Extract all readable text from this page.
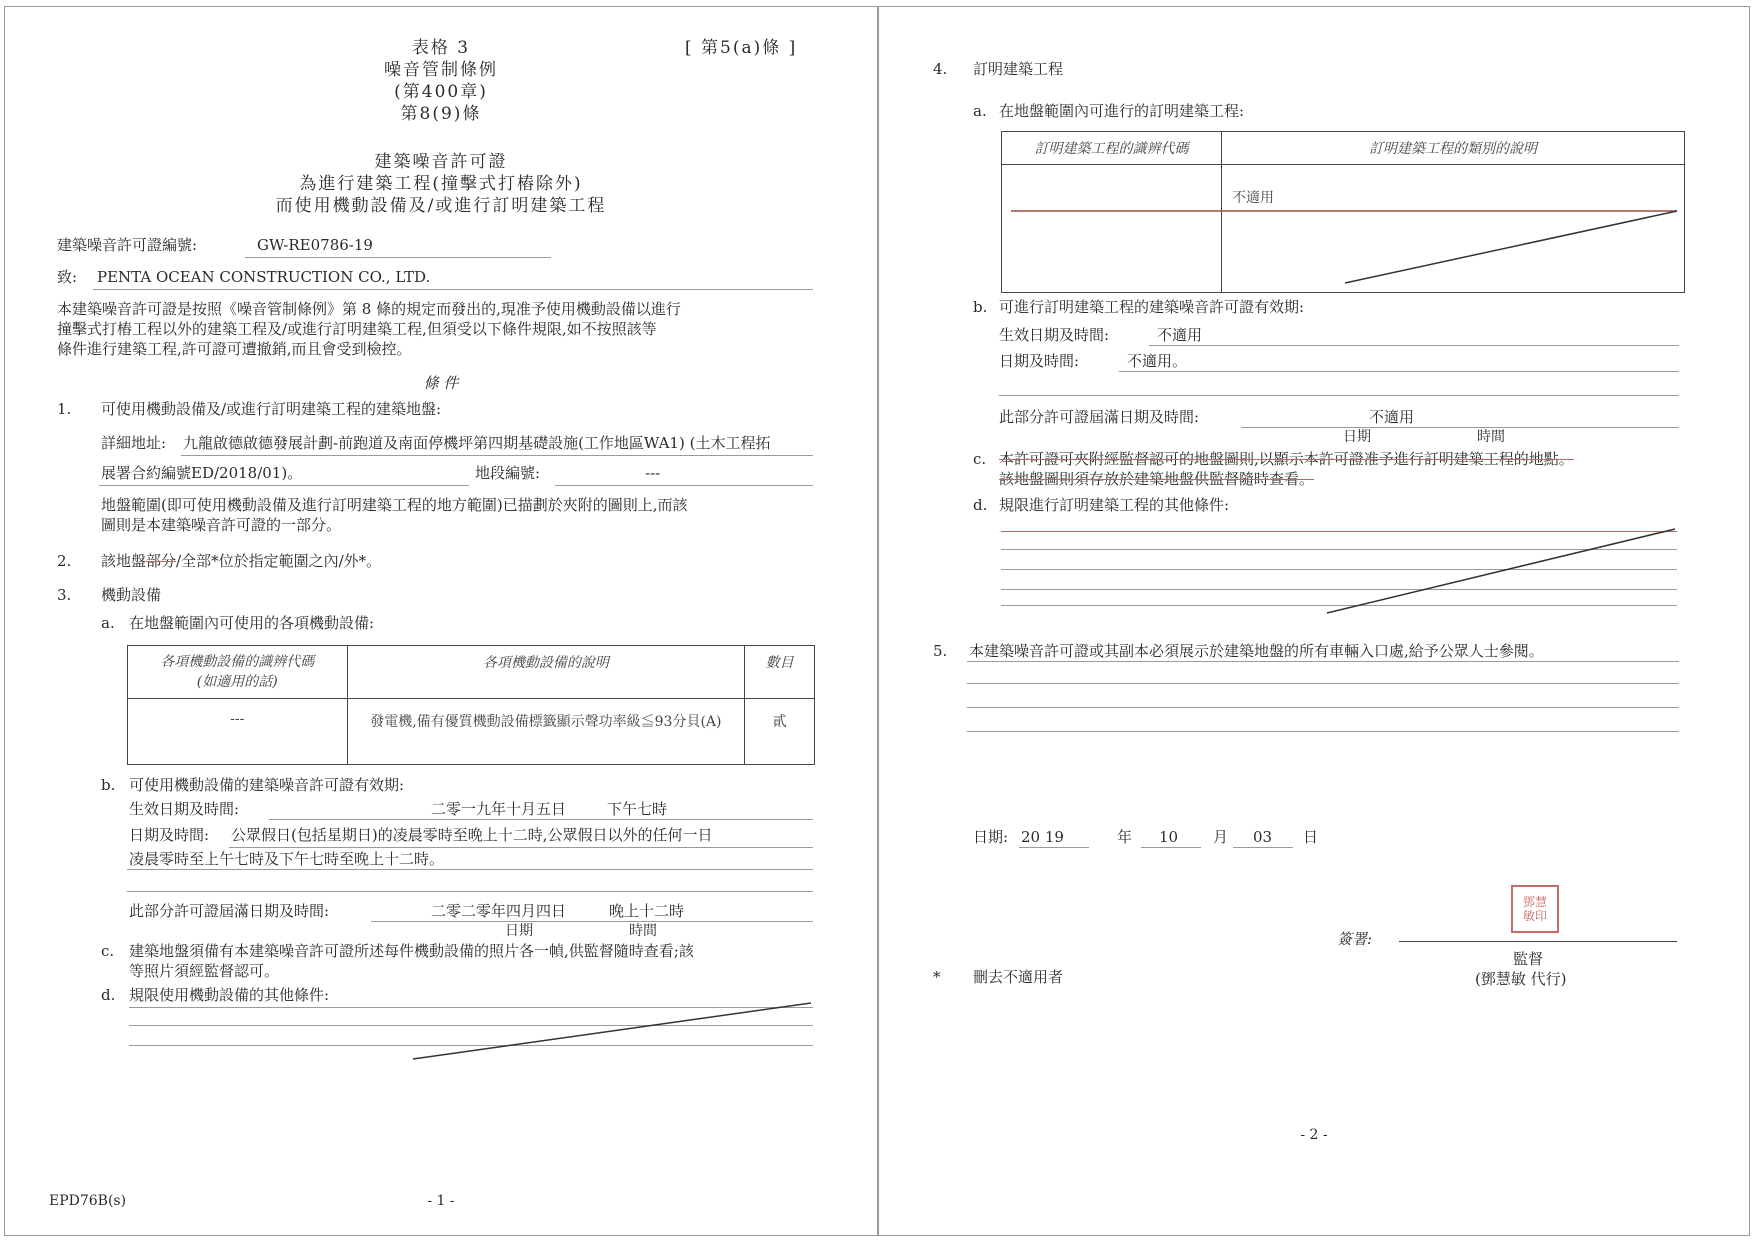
表格 3	[ 第5(a)條 ]
噪音管制條例
(第400章)
第8(9)條
建築噪音許可證
為進行建築工程(撞擊式打樁除外)
而使用機動設備及/或進行訂明建築工程
建築噪音許可證編號:	GW-RE0786-19
致: PENTA OCEAN CONSTRUCTION CO., LTD.
本建築噪音許可證是按照《噪音管制條例》第 8 條的規定而發出的,現准予使用機動設備以進行
撞擊式打樁工程以外的建築工程及/或進行訂明建築工程,但須受以下條件規限,如不按照該等
條件進行建築工程,許可證可遭撤銷,而且會受到檢控。
條 件
1. 可使用機動設備及/或進行訂明建築工程的建築地盤:
詳細地址: 九龍啟德啟德發展計劃-前跑道及南面停機坪第四期基礎設施(工作地區WA1) (土木工程拓
展署合約編號ED/2018/01)。	地段編號:	---
地盤範圍(即可使用機動設備及進行訂明建築工程的地方範圍)已描劃於夾附的圖則上,而該
圖則是本建築噪音許可證的一部分。
2. 該地盤部分/全部*位於指定範圍之內/外*。
3. 機動設備
a. 在地盤範圍內可使用的各項機動設備:
各項機動設備的識辨代碼
(如適用的話)	各項機動設備的說明	數目
---	發電機,備有優質機動設備標籤顯示聲功率級≦93分貝(A)	貳
b. 可使用機動設備的建築噪音許可證有效期:
生效日期及時間:	二零一九年十月五日	下午七時
日期及時間: 公眾假日(包括星期日)的凌晨零時至晚上十二時,公眾假日以外的任何一日
凌晨零時至上午七時及下午七時至晚上十二時。
此部分許可證屆滿日期及時間:	二零二零年四月四日	晚上十二時
日期	時間
c. 建築地盤須備有本建築噪音許可證所述每件機動設備的照片各一幀,供監督隨時查看;該
等照片須經監督認可。
d. 規限使用機動設備的其他條件:
EPD76B(s)	- 1 -
4. 訂明建築工程
a. 在地盤範圍內可進行的訂明建築工程:
訂明建築工程的識辨代碼	訂明建築工程的類別的說明
	不適用
b. 可進行訂明建築工程的建築噪音許可證有效期:
生效日期及時間:	不適用
日期及時間:	不適用。
此部分許可證屆滿日期及時間:	不適用
日期	時間
c. 本許可證可夾附經監督認可的地盤圖則,以顯示本許可證准予進行訂明建築工程的地點。
該地盤圖則須存放於建築地盤供監督隨時查看。
d. 規限進行訂明建築工程的其他條件:
5. 本建築噪音許可證或其副本必須展示於建築地盤的所有車輛入口處,給予公眾人士參閱。
日期: 20 19	年 10 月 03 日
鄧慧
敏印
簽署:
監督
(鄧慧敏 代行)
* 刪去不適用者
- 2 -
